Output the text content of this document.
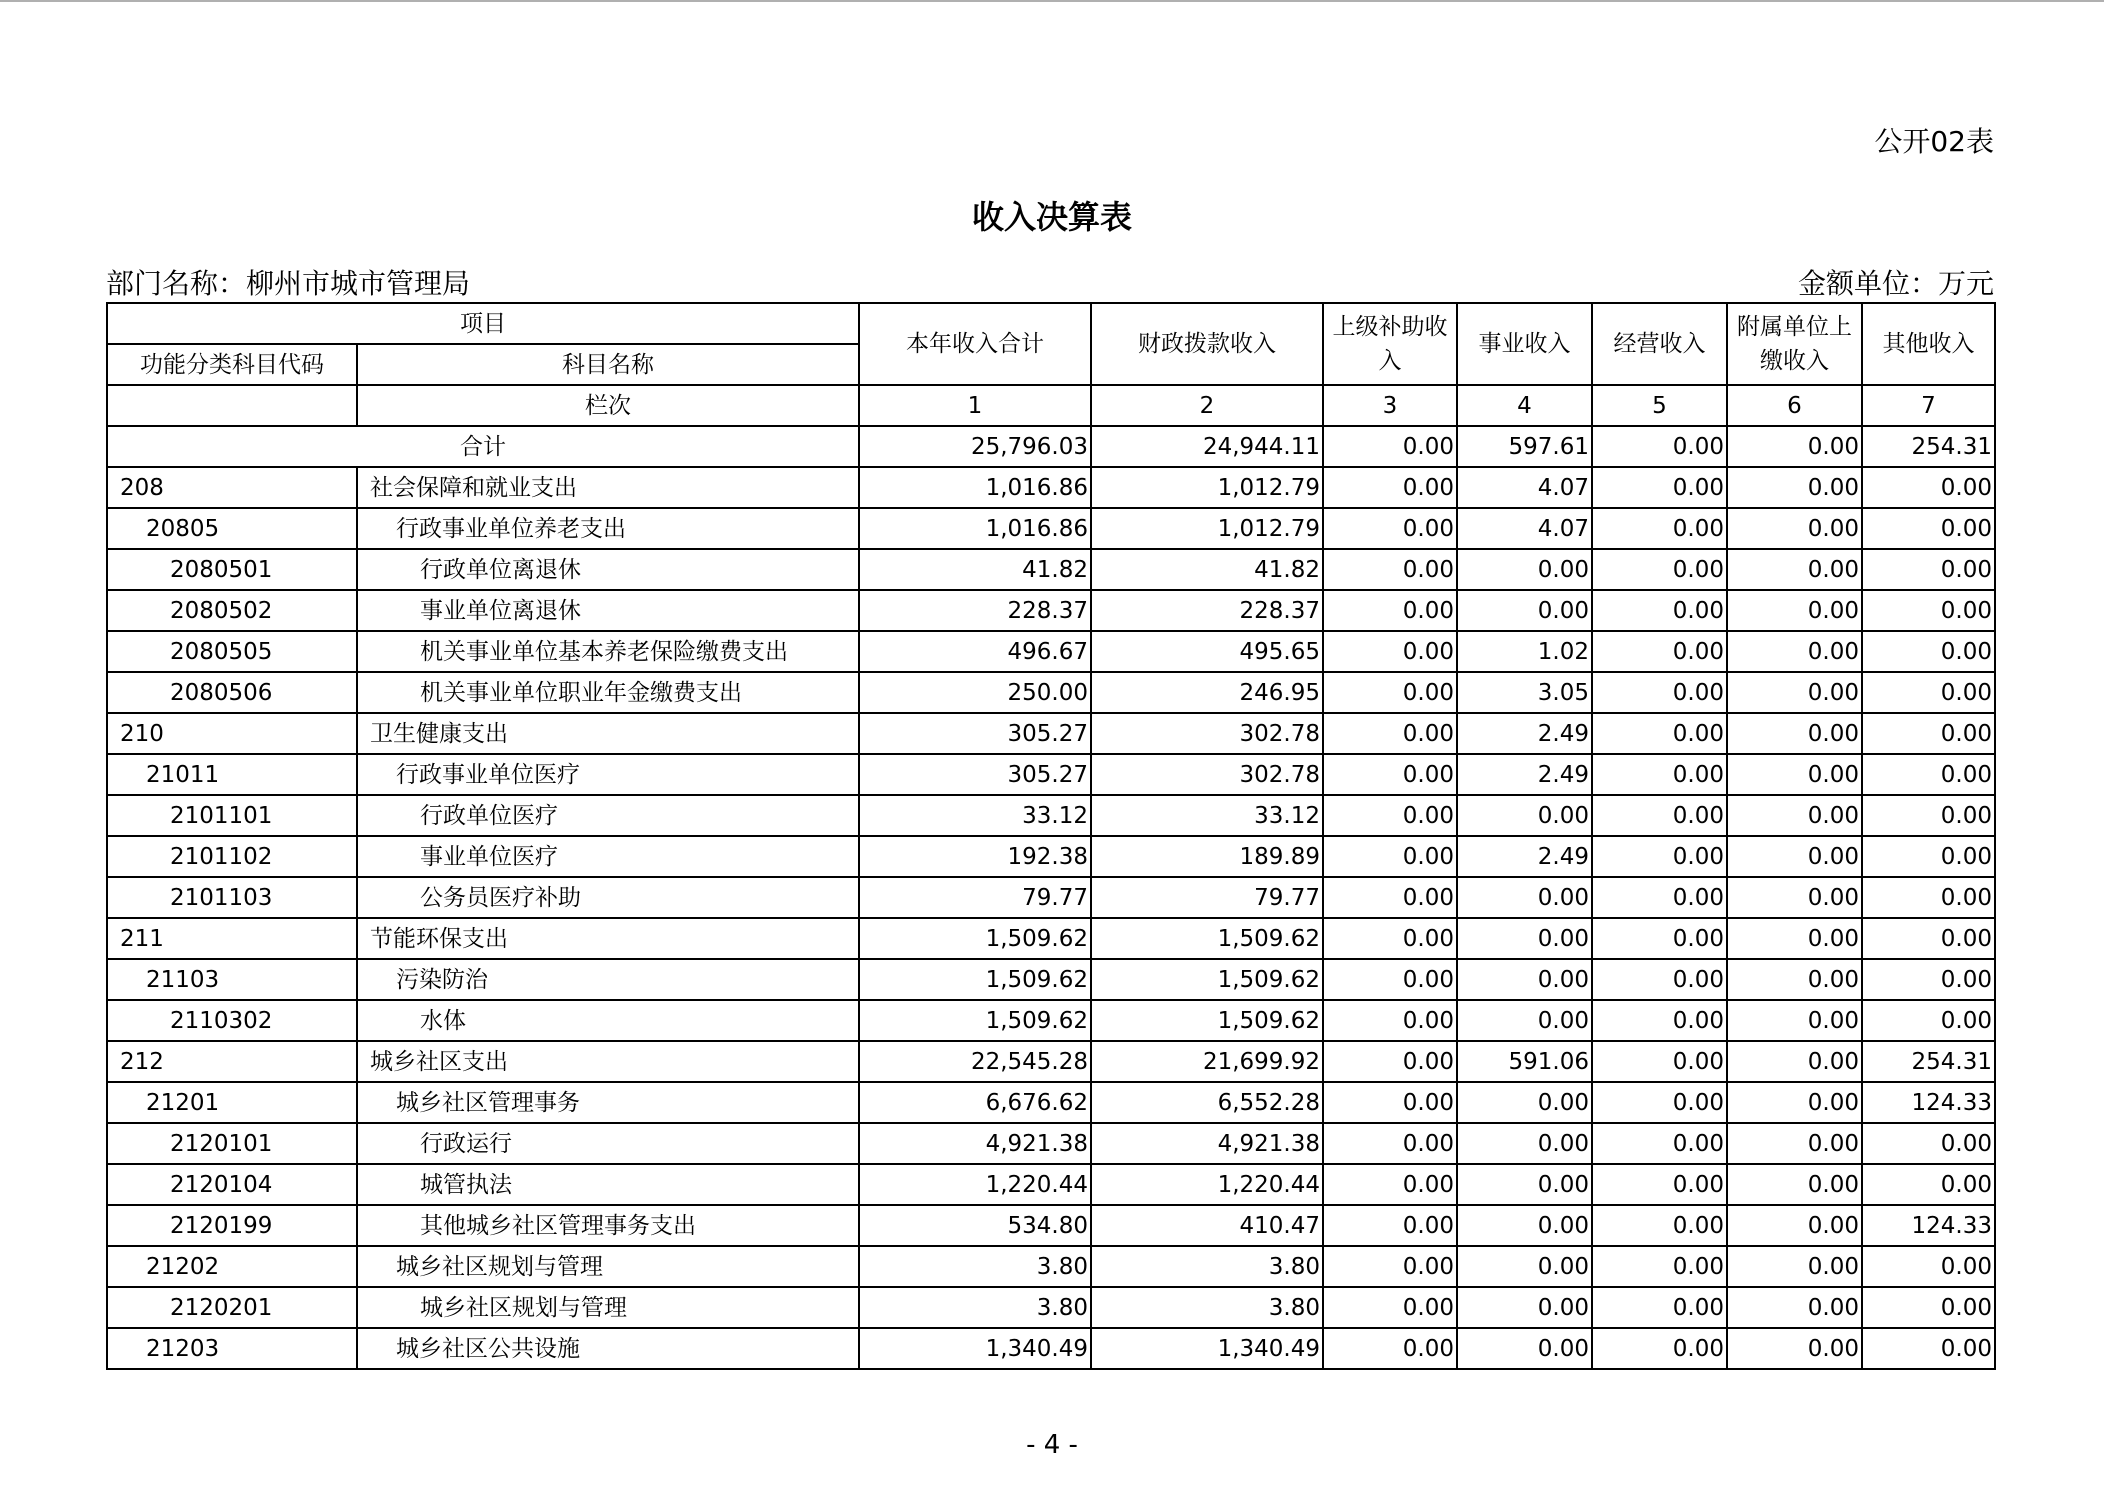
公开02表
收入决算表
部门名称：柳州市城市管理局	金额单位：万元
项目		本年收入合计	财政拨款收入	上级补助收入	事业收入	经营收入	附属单位上缴收入	其他收入
功能分类科目代码	科目名称							
	栏次	1	2	3	4	5	6	7
合计		25,796.03	24,944.11	0.00	597.61	0.00	0.00	254.31
208	社会保障和就业支出	1,016.86	1,012.79	0.00	4.07	0.00	0.00	0.00
20805	行政事业单位养老支出	1,016.86	1,012.79	0.00	4.07	0.00	0.00	0.00
2080501	行政单位离退休	41.82	41.82	0.00	0.00	0.00	0.00	0.00
2080502	事业单位离退休	228.37	228.37	0.00	0.00	0.00	0.00	0.00
2080505	机关事业单位基本养老保险缴费支出	496.67	495.65	0.00	1.02	0.00	0.00	0.00
2080506	机关事业单位职业年金缴费支出	250.00	246.95	0.00	3.05	0.00	0.00	0.00
210	卫生健康支出	305.27	302.78	0.00	2.49	0.00	0.00	0.00
21011	行政事业单位医疗	305.27	302.78	0.00	2.49	0.00	0.00	0.00
2101101	行政单位医疗	33.12	33.12	0.00	0.00	0.00	0.00	0.00
2101102	事业单位医疗	192.38	189.89	0.00	2.49	0.00	0.00	0.00
2101103	公务员医疗补助	79.77	79.77	0.00	0.00	0.00	0.00	0.00
211	节能环保支出	1,509.62	1,509.62	0.00	0.00	0.00	0.00	0.00
21103	污染防治	1,509.62	1,509.62	0.00	0.00	0.00	0.00	0.00
2110302	水体	1,509.62	1,509.62	0.00	0.00	0.00	0.00	0.00
212	城乡社区支出	22,545.28	21,699.92	0.00	591.06	0.00	0.00	254.31
21201	城乡社区管理事务	6,676.62	6,552.28	0.00	0.00	0.00	0.00	124.33
2120101	行政运行	4,921.38	4,921.38	0.00	0.00	0.00	0.00	0.00
2120104	城管执法	1,220.44	1,220.44	0.00	0.00	0.00	0.00	0.00
2120199	其他城乡社区管理事务支出	534.80	410.47	0.00	0.00	0.00	0.00	124.33
21202	城乡社区规划与管理	3.80	3.80	0.00	0.00	0.00	0.00	0.00
2120201	城乡社区规划与管理	3.80	3.80	0.00	0.00	0.00	0.00	0.00
21203	城乡社区公共设施	1,340.49	1,340.49	0.00	0.00	0.00	0.00	0.00
- 4 -
